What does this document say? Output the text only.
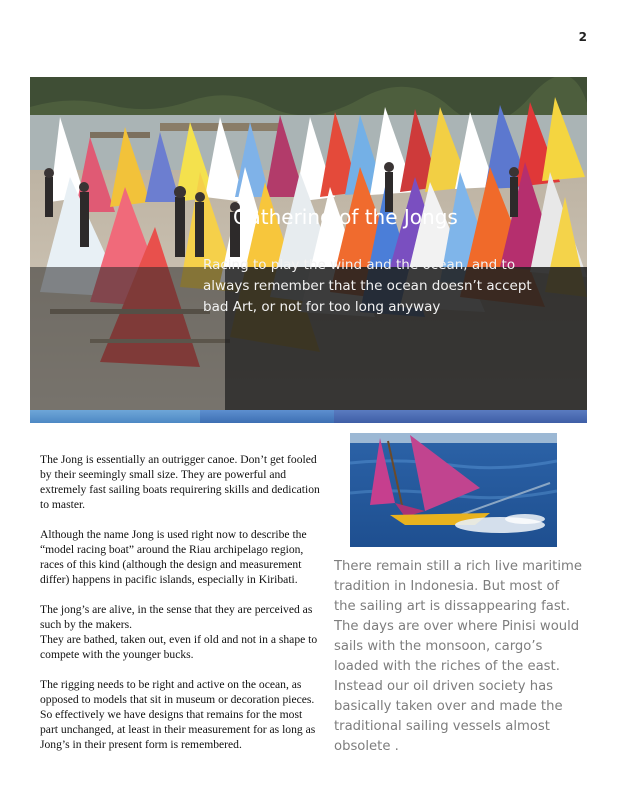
2
Gathering of the Jongs
Racing to play the wind and the ocean, and to always remember that the ocean doesn’t accept bad Art, or not for too long anyway

The Jong is essentially an outrigger canoe. Don’t get fooled by their seemingly small size. They are powerful and extremely fast sailing boats requirering skills and dedication to master.

Although the name Jong is used right now to describe the “model racing boat” around the Riau archipelago region, races of this kind (although the design and measurement differ) happens in pacific islands, especially in Kiribati.

The jong’s are alive, in the sense that they are perceived as such by the makers.

They are bathed, taken out, even if old and not in a shape to compete with the younger bucks.

The rigging needs to be right and active on the ocean, as opposed to models that sit in museum or decoration pieces. So effectively we have designs that remains for the most part unchanged, at least in their measurement for as long as Jong’s in their present form is remembered.

There remain still a rich live maritime tradition in Indonesia. But most of the sailing art is dissappearing fast. The days are over where Pinisi would sails with the monsoon, cargo’s loaded with the riches of the east. Instead our oil driven society has basically taken over and made the traditional sailing vessels almost obsolete .
